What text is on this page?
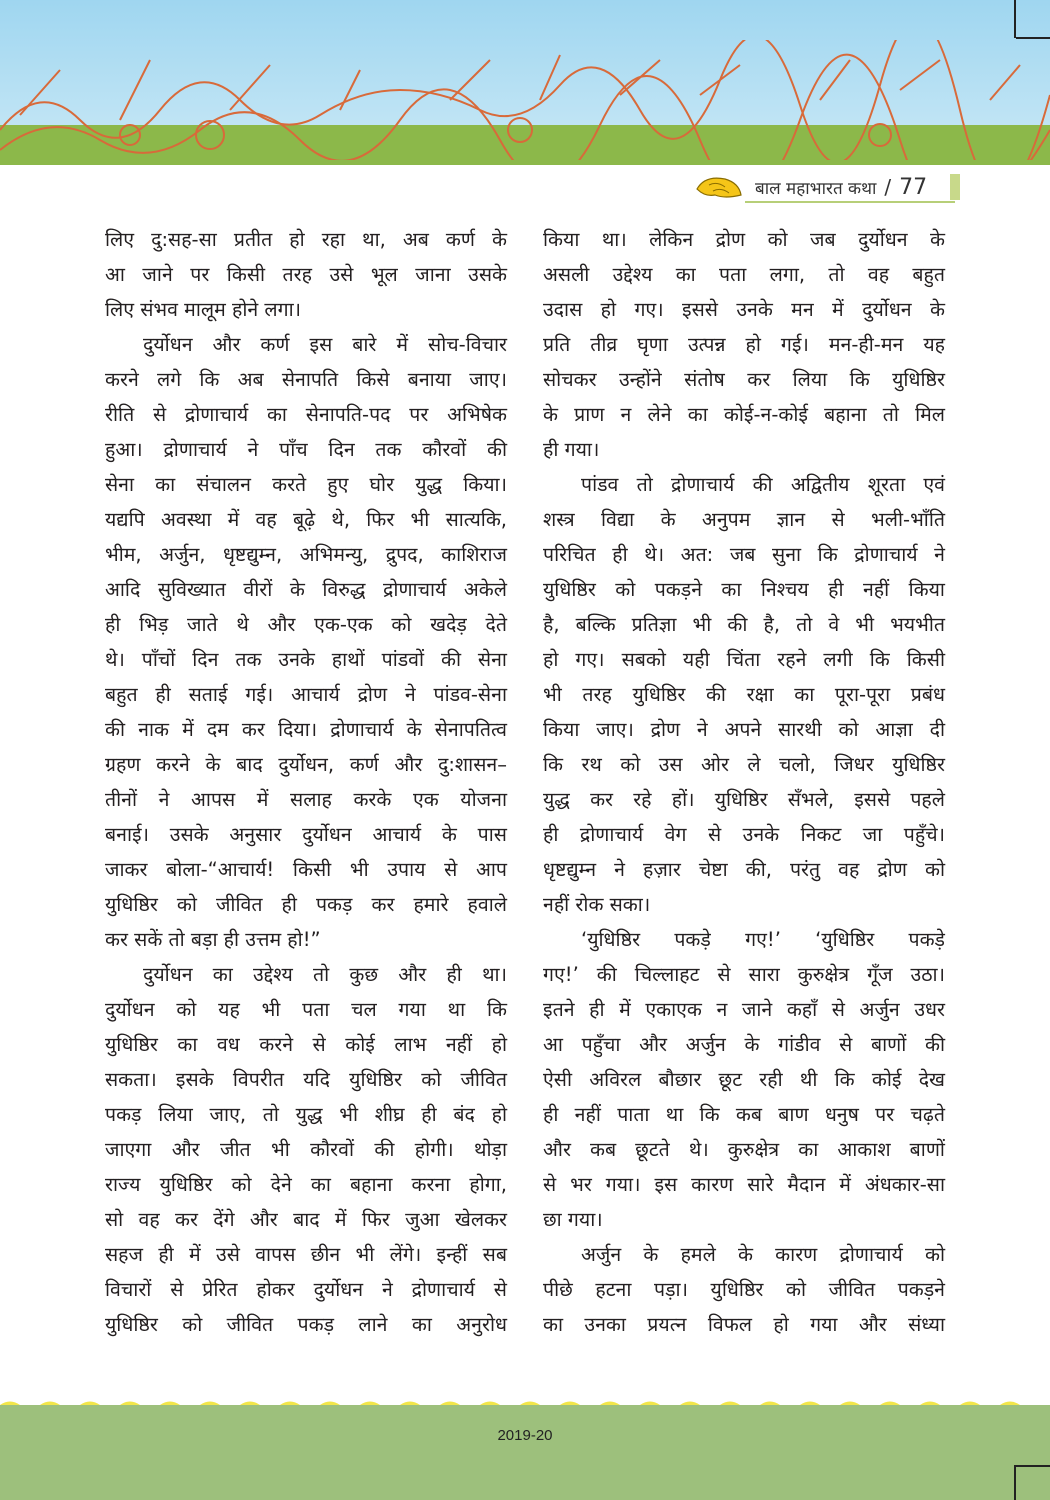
बाल महाभारत कथा / 77
लिए दु:सह-सा प्रतीत हो रहा था, अब कर्ण के
आ जाने पर किसी तरह उसे भूल जाना उसके
लिए संभव मालूम होने लगा।
दुर्योधन और कर्ण इस बारे में सोच-विचार
करने लगे कि अब सेनापति किसे बनाया जाए।
रीति से द्रोणाचार्य का सेनापति-पद पर अभिषेक
हुआ। द्रोणाचार्य ने पाँच दिन तक कौरवों की
सेना का संचालन करते हुए घोर युद्ध किया।
यद्यपि अवस्था में वह बूढ़े थे, फिर भी सात्यकि,
भीम, अर्जुन, धृष्टद्युम्न, अभिमन्यु, द्रुपद, काशिराज
आदि सुविख्यात वीरों के विरुद्ध द्रोणाचार्य अकेले
ही भिड़ जाते थे और एक-एक को खदेड़ देते
थे। पाँचों दिन तक उनके हाथों पांडवों की सेना
बहुत ही सताई गई। आचार्य द्रोण ने पांडव-सेना
की नाक में दम कर दिया। द्रोणाचार्य के सेनापतित्व
ग्रहण करने के बाद दुर्योधन, कर्ण और दु:शासन–
तीनों ने आपस में सलाह करके एक योजना
बनाई। उसके अनुसार दुर्योधन आचार्य के पास
जाकर बोला-“आचार्य! किसी भी उपाय से आप
युधिष्ठिर को जीवित ही पकड़ कर हमारे हवाले
कर सकें तो बड़ा ही उत्तम हो!”
दुर्योधन का उद्देश्य तो कुछ और ही था।
दुर्योधन को यह भी पता चल गया था कि
युधिष्ठिर का वध करने से कोई लाभ नहीं हो
सकता। इसके विपरीत यदि युधिष्ठिर को जीवित
पकड़ लिया जाए, तो युद्ध भी शीघ्र ही बंद हो
जाएगा और जीत भी कौरवों की होगी। थोड़ा
राज्य युधिष्ठिर को देने का बहाना करना होगा,
सो वह कर देंगे और बाद में फिर जुआ खेलकर
सहज ही में उसे वापस छीन भी लेंगे। इन्हीं सब
विचारों से प्रेरित होकर दुर्योधन ने द्रोणाचार्य से
युधिष्ठिर को जीवित पकड़ लाने का अनुरोध
किया था। लेकिन द्रोण को जब दुर्योधन के
असली उद्देश्य का पता लगा, तो वह बहुत
उदास हो गए। इससे उनके मन में दुर्योधन के
प्रति तीव्र घृणा उत्पन्न हो गई। मन-ही-मन यह
सोचकर उन्होंने संतोष कर लिया कि युधिष्ठिर
के प्राण न लेने का कोई-न-कोई बहाना तो मिल
ही गया।
पांडव तो द्रोणाचार्य की अद्वितीय शूरता एवं
शस्त्र विद्या के अनुपम ज्ञान से भली-भाँति
परिचित ही थे। अत: जब सुना कि द्रोणाचार्य ने
युधिष्ठिर को पकड़ने का निश्चय ही नहीं किया
है, बल्कि प्रतिज्ञा भी की है, तो वे भी भयभीत
हो गए। सबको यही चिंता रहने लगी कि किसी
भी तरह युधिष्ठिर की रक्षा का पूरा-पूरा प्रबंध
किया जाए। द्रोण ने अपने सारथी को आज्ञा दी
कि रथ को उस ओर ले चलो, जिधर युधिष्ठिर
युद्ध कर रहे हों। युधिष्ठिर सँभले, इससे पहले
ही द्रोणाचार्य वेग से उनके निकट जा पहुँचे।
धृष्टद्युम्न ने हज़ार चेष्टा की, परंतु वह द्रोण को
नहीं रोक सका।
‘युधिष्ठिर पकड़े गए!’ ‘युधिष्ठिर पकड़े
गए!’ की चिल्लाहट से सारा कुरुक्षेत्र गूँज उठा।
इतने ही में एकाएक न जाने कहाँ से अर्जुन उधर
आ पहुँचा और अर्जुन के गांडीव से बाणों की
ऐसी अविरल बौछार छूट रही थी कि कोई देख
ही नहीं पाता था कि कब बाण धनुष पर चढ़ते
और कब छूटते थे। कुरुक्षेत्र का आकाश बाणों
से भर गया। इस कारण सारे मैदान में अंधकार-सा
छा गया।
अर्जुन के हमले के कारण द्रोणाचार्य को
पीछे हटना पड़ा। युधिष्ठिर को जीवित पकड़ने
का उनका प्रयत्न विफल हो गया और संध्या
2019-20
